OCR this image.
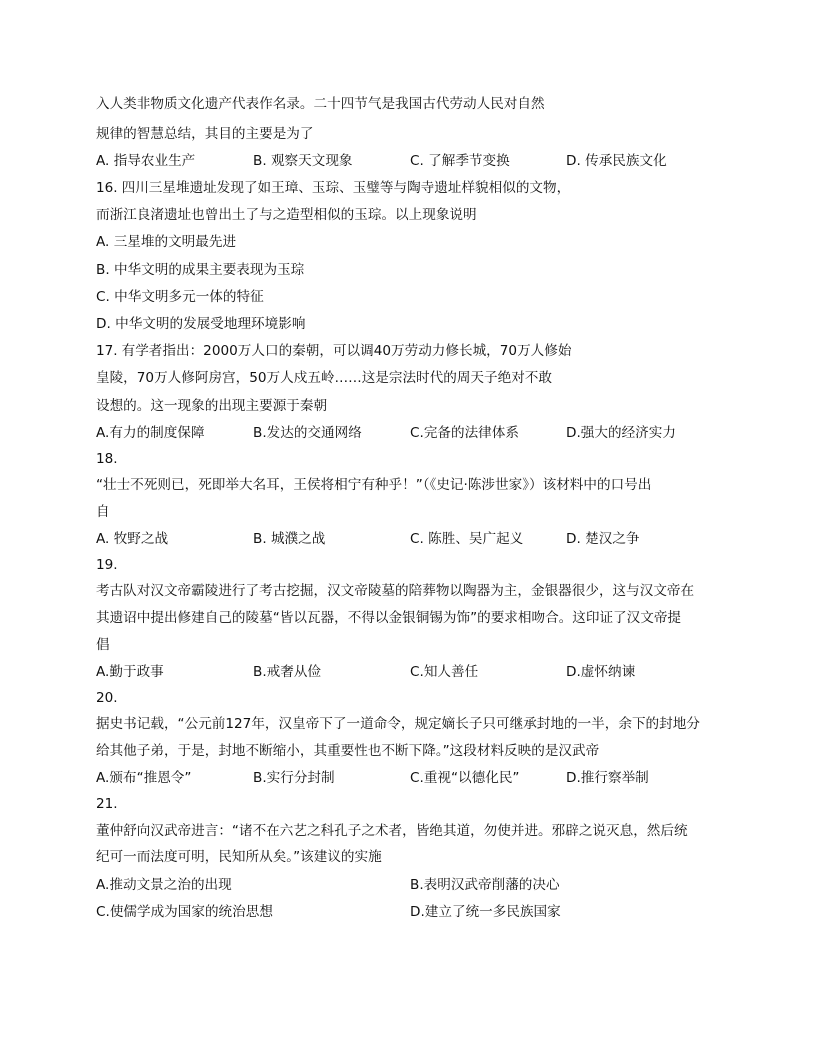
入人类非物质文化遗产代表作名录。二十四节气是我国古代劳动人民对自然
规律的智慧总结，其目的主要是为了
A. 指导农业生产	B. 观察天文现象	C. 了解季节变换	D. 传承民族文化
16. 四川三星堆遗址发现了如王璋、玉琮、玉璧等与陶寺遗址样貌相似的文物，
而浙江良渚遗址也曾出土了与之造型相似的玉琮。以上现象说明
A. 三星堆的文明最先进
B. 中华文明的成果主要表现为玉琮
C. 中华文明多元一体的特征
D. 中华文明的发展受地理环境影响
17. 有学者指出：2000万人口的秦朝，可以调40万劳动力修长城，70万人修始
皇陵，70万人修阿房宫，50万人戍五岭……这是宗法时代的周天子绝对不敢
设想的。这一现象的出现主要源于秦朝
A.有力的制度保障	B.发达的交通网络	C.完备的法律体系	D.强大的经济实力
18.
“壮士不死则已，死即举大名耳，王侯将相宁有种乎！”（《史记·陈涉世家》）该材料中的口号出
自
A. 牧野之战	B. 城濮之战	C. 陈胜、吴广起义	D. 楚汉之争
19.
考古队对汉文帝霸陵进行了考古挖掘，汉文帝陵墓的陪葬物以陶器为主，金银器很少，这与汉文帝在
其遗诏中提出修建自己的陵墓“皆以瓦器，不得以金银铜锡为饰”的要求相吻合。这印证了汉文帝提
倡
A.勤于政事	B.戒奢从俭	C.知人善任	D.虚怀纳谏
20.
据史书记载，“公元前127年，汉皇帝下了一道命令，规定嫡长子只可继承封地的一半，余下的封地分
给其他子弟，于是，封地不断缩小，其重要性也不断下降。”这段材料反映的是汉武帝
A.颁布“推恩令”	B.实行分封制	C.重视“以德化民”	D.推行察举制
21.
董仲舒向汉武帝进言：“诸不在六艺之科孔子之术者，皆绝其道，勿使并进。邪辟之说灭息，然后统
纪可一而法度可明，民知所从矣。”该建议的实施
A.推动文景之治的出现	B.表明汉武帝削藩的决心
C.使儒学成为国家的统治思想	D.建立了统一多民族国家
